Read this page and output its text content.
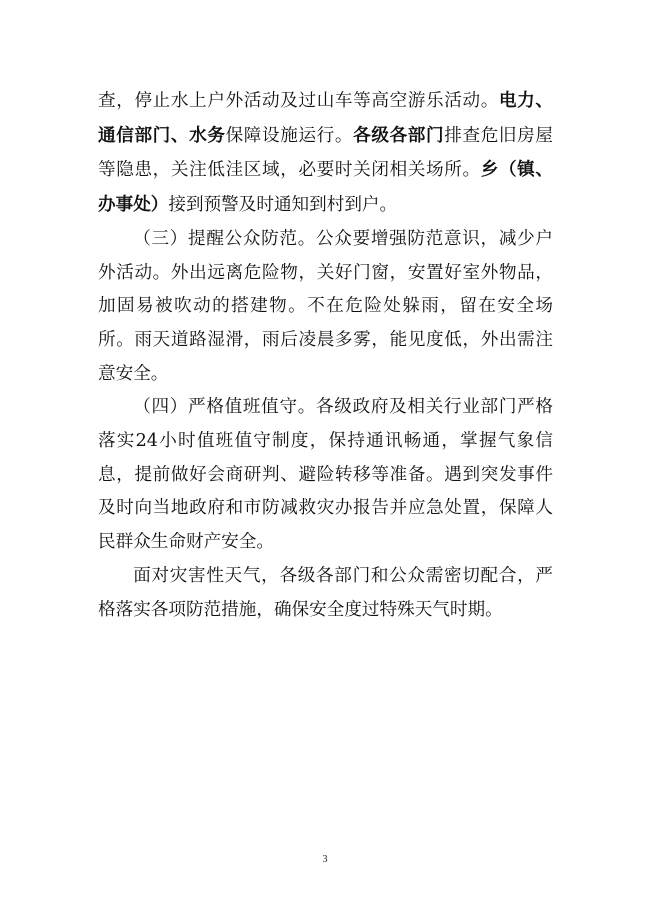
查，停止水上户外活动及过山车等高空游乐活动。电力、通信部门、水务保障设施运行。各级各部门排查危旧房屋等隐患，关注低洼区域，必要时关闭相关场所。乡（镇、办事处）接到预警及时通知到村到户。

（三）提醒公众防范。公众要增强防范意识，减少户外活动。外出远离危险物，关好门窗，安置好室外物品，加固易被吹动的搭建物。不在危险处躲雨，留在安全场所。雨天道路湿滑，雨后凌晨多雾，能见度低，外出需注意安全。

（四）严格值班值守。各级政府及相关行业部门严格落实24小时值班值守制度，保持通讯畅通，掌握气象信息，提前做好会商研判、避险转移等准备。遇到突发事件及时向当地政府和市防减救灾办报告并应急处置，保障人民群众生命财产安全。

面对灾害性天气，各级各部门和公众需密切配合，严格落实各项防范措施，确保安全度过特殊天气时期。

3
